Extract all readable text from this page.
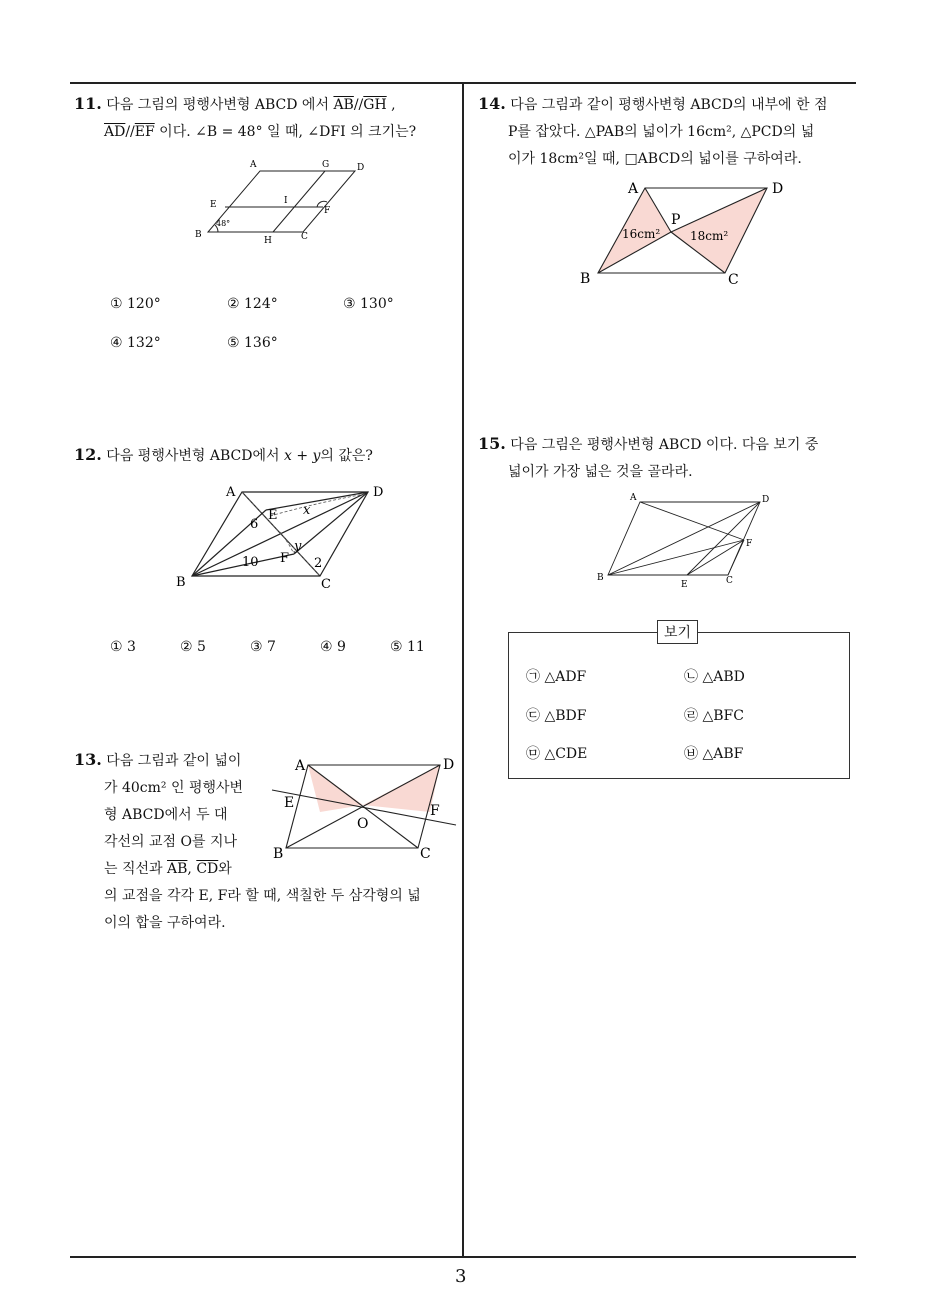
3
11. 다음 그림의 평행사변형 ABCD 에서 $\overline{AB}//\overline{GH}$ ,
$\overline{AD}//\overline{EF}$ 이다. ∠B = 48° 일 때, ∠DFI 의 크기는?
A	G	D
E	I
F
B
H	C
48°
① 120°	② 124°	③ 130°
④ 132°	⑤ 136°
12. 다음 평행사변형 ABCD에서 x + y의 값은?
A	D
E x
6
y
F
10	2
B	C
① 3	② 5	③ 7	④ 9	⑤ 11
13. 다음 그림과 같이 넓이
가 40cm² 인 평행사변
형 ABCD에서 두 대
각선의 교점 O를 지나
는 직선과 $\overline{AB}$, $\overline{CD}$와
의 교점을 각각 E, F라 할 때, 색칠한 두 삼각형의 넓
이의 합을 구하여라.
A	D
E	F
O
B	C
14. 다음 그림과 같이 평행사변형 ABCD의 내부에 한 점
P를 잡았다. △PAB의 넓이가 16cm², △PCD의 넓
이가 18cm²일 때, □ABCD의 넓이를 구하여라.
A	D
P
16cm² 18cm²
B	C
15. 다음 그림은 평행사변형 ABCD 이다. 다음 보기 중
넓이가 가장 넓은 것을 골라라.
A	D
F
B
E	C
보기
㉠ △ADF	㉡ △ABD
㉢ △BDF	㉣ △BFC
㉤ △CDE	㉥ △ABF
